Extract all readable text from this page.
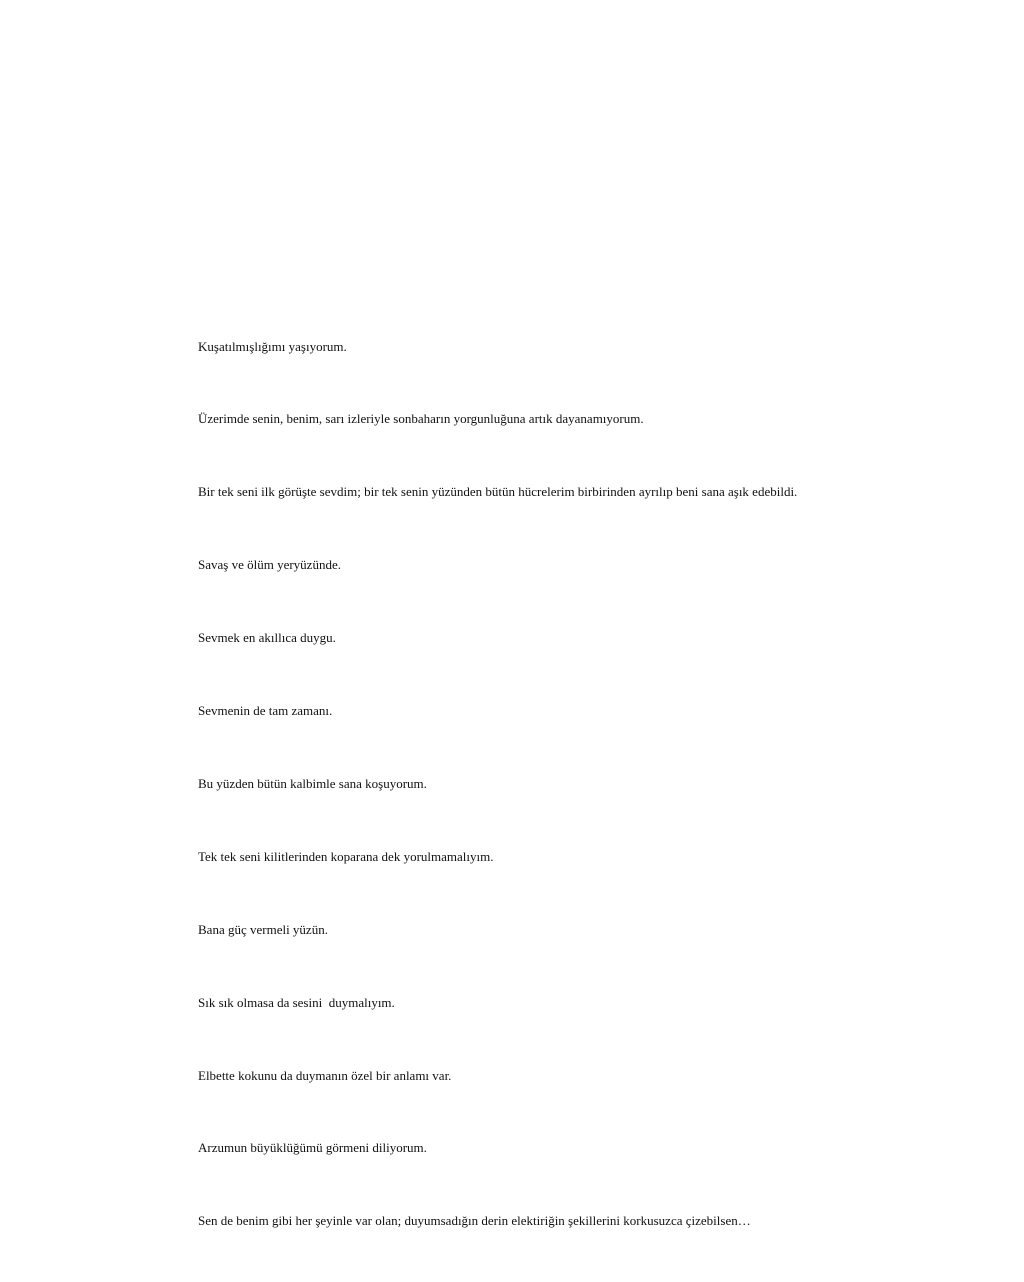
Kuşatılmışlığımı yaşıyorum.

Üzerimde senin, benim, sarı izleriyle sonbaharın yorgunluğuna artık dayanamıyorum.

Bir tek seni ilk görüşte sevdim; bir tek senin yüzünden bütün hücrelerim birbirinden ayrılıp beni sana aşık edebildi.

Savaş ve ölüm yeryüzünde.

Sevmek en akıllıca duygu.

Sevmenin de tam zamanı.

Bu yüzden bütün kalbimle sana koşuyorum.

Tek tek seni kilitlerinden koparana dek yorulmamalıyım.

Bana güç vermeli yüzün.

Sık sık olmasa da sesini  duymalıyım.

Elbette kokunu da duymanın özel bir anlamı var.

Arzumun büyüklüğümü görmeni diliyorum.

Sen de benim gibi her şeyinle var olan; duyumsadığın derin elektiriğin şekillerini korkusuzca çizebilsen…
